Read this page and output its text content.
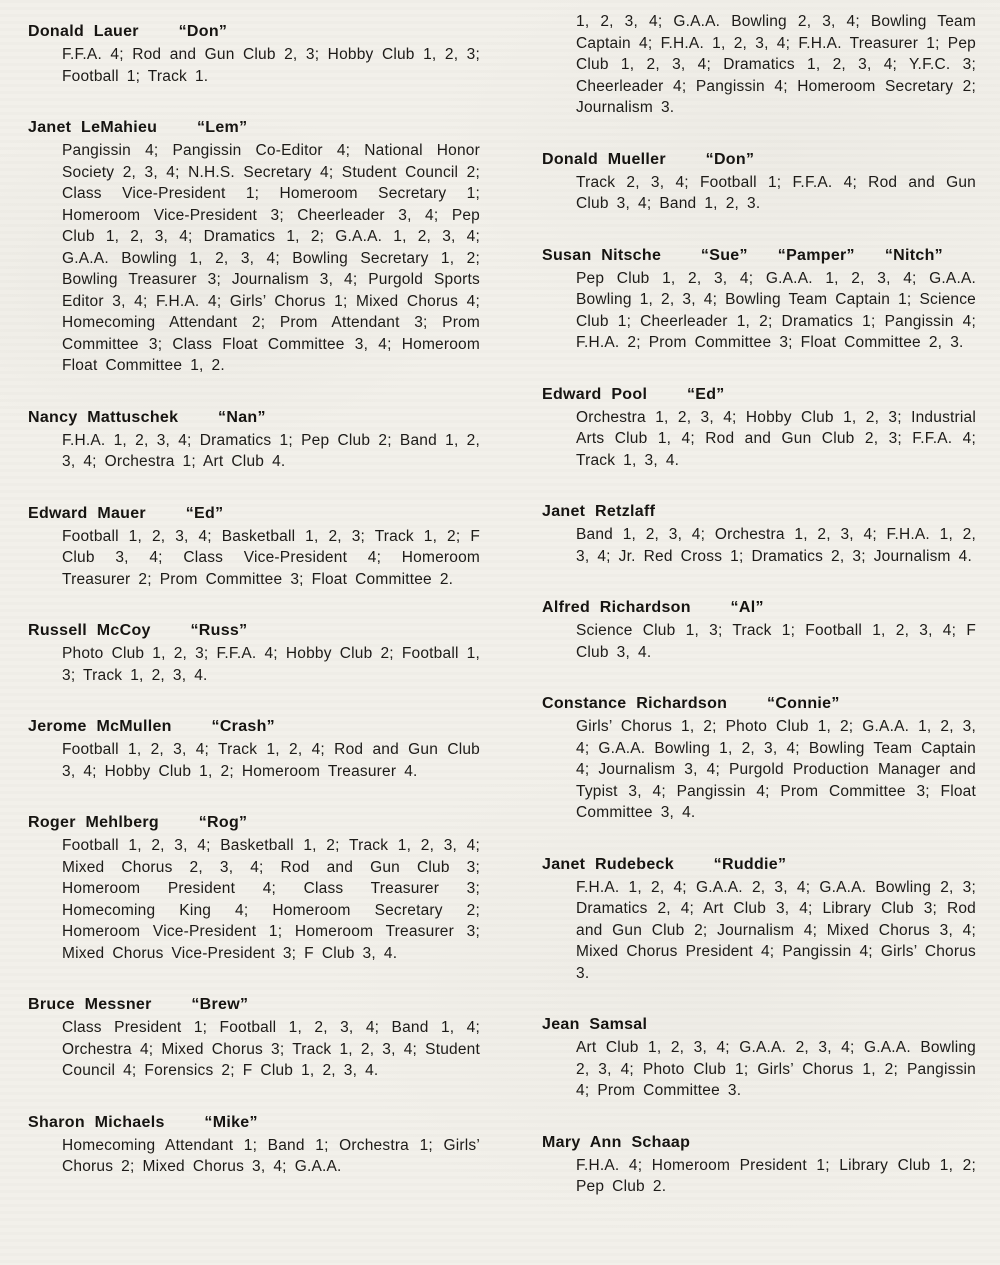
Donald Lauer “Don”

F.F.A. 4; Rod and Gun Club 2, 3; Hobby Club 1, 2, 3; Football 1; Track 1.

Janet LeMahieu “Lem”

Pangissin 4; Pangissin Co-Editor 4; National Honor Society 2, 3, 4; N.H.S. Secretary 4; Student Council 2; Class Vice-President 1; Homeroom Secretary 1; Homeroom Vice-President 3; Cheerleader 3, 4; Pep Club 1, 2, 3, 4; Dramatics 1, 2; G.A.A. 1, 2, 3, 4; G.A.A. Bowling 1, 2, 3, 4; Bowling Secretary 1, 2; Bowling Treasurer 3; Journalism 3, 4; Purgold Sports Editor 3, 4; F.H.A. 4; Girls’ Chorus 1; Mixed Chorus 4; Homecoming Attendant 2; Prom Attendant 3; Prom Committee 3; Class Float Committee 3, 4; Homeroom Float Committee 1, 2.

Nancy Mattuschek “Nan”

F.H.A. 1, 2, 3, 4; Dramatics 1; Pep Club 2; Band 1, 2, 3, 4; Orchestra 1; Art Club 4.

Edward Mauer “Ed”

Football 1, 2, 3, 4; Basketball 1, 2, 3; Track 1, 2; F Club 3, 4; Class Vice-President 4; Homeroom Treasurer 2; Prom Committee 3; Float Committee 2.

Russell McCoy “Russ”

Photo Club 1, 2, 3; F.F.A. 4; Hobby Club 2; Football 1, 3; Track 1, 2, 3, 4.

Jerome McMullen “Crash”

Football 1, 2, 3, 4; Track 1, 2, 4; Rod and Gun Club 3, 4; Hobby Club 1, 2; Homeroom Treasurer 4.

Roger Mehlberg “Rog”

Football 1, 2, 3, 4; Basketball 1, 2; Track 1, 2, 3, 4; Mixed Chorus 2, 3, 4; Rod and Gun Club 3; Homeroom President 4; Class Treasurer 3; Homecoming King 4; Homeroom Secretary 2; Homeroom Vice-President 1; Homeroom Treasurer 3; Mixed Chorus Vice-President 3; F Club 3, 4.

Bruce Messner “Brew”

Class President 1; Football 1, 2, 3, 4; Band 1, 4; Orchestra 4; Mixed Chorus 3; Track 1, 2, 3, 4; Student Council 4; Forensics 2; F Club 1, 2, 3, 4.

Sharon Michaels “Mike”

Homecoming Attendant 1; Band 1; Orchestra 1; Girls’ Chorus 2; Mixed Chorus 3, 4; G.A.A.

1, 2, 3, 4; G.A.A. Bowling 2, 3, 4; Bowling Team Captain 4; F.H.A. 1, 2, 3, 4; F.H.A. Treasurer 1; Pep Club 1, 2, 3, 4; Dramatics 1, 2, 3, 4; Y.F.C. 3; Cheerleader 4; Pangissin 4; Homeroom Secretary 2; Journalism 3.

Donald Mueller “Don”

Track 2, 3, 4; Football 1; F.F.A. 4; Rod and Gun Club 3, 4; Band 1, 2, 3.

Susan Nitsche “Sue” “Pamper” “Nitch”

Pep Club 1, 2, 3, 4; G.A.A. 1, 2, 3, 4; G.A.A. Bowling 1, 2, 3, 4; Bowling Team Captain 1; Science Club 1; Cheerleader 1, 2; Dramatics 1; Pangissin 4; F.H.A. 2; Prom Committee 3; Float Committee 2, 3.

Edward Pool “Ed”

Orchestra 1, 2, 3, 4; Hobby Club 1, 2, 3; Industrial Arts Club 1, 4; Rod and Gun Club 2, 3; F.F.A. 4; Track 1, 3, 4.

Janet Retzlaff

Band 1, 2, 3, 4; Orchestra 1, 2, 3, 4; F.H.A. 1, 2, 3, 4; Jr. Red Cross 1; Dramatics 2, 3; Journalism 4.

Alfred Richardson “Al”

Science Club 1, 3; Track 1; Football 1, 2, 3, 4; F Club 3, 4.

Constance Richardson “Connie”

Girls’ Chorus 1, 2; Photo Club 1, 2; G.A.A. 1, 2, 3, 4; G.A.A. Bowling 1, 2, 3, 4; Bowling Team Captain 4; Journalism 3, 4; Purgold Production Manager and Typist 3, 4; Pangissin 4; Prom Committee 3; Float Committee 3, 4.

Janet Rudebeck “Ruddie”

F.H.A. 1, 2, 4; G.A.A. 2, 3, 4; G.A.A. Bowling 2, 3; Dramatics 2, 4; Art Club 3, 4; Library Club 3; Rod and Gun Club 2; Journalism 4; Mixed Chorus 3, 4; Mixed Chorus President 4; Pangissin 4; Girls’ Chorus 3.

Jean Samsal

Art Club 1, 2, 3, 4; G.A.A. 2, 3, 4; G.A.A. Bowling 2, 3, 4; Photo Club 1; Girls’ Chorus 1, 2; Pangissin 4; Prom Committee 3.

Mary Ann Schaap

F.H.A. 4; Homeroom President 1; Library Club 1, 2; Pep Club 2.
